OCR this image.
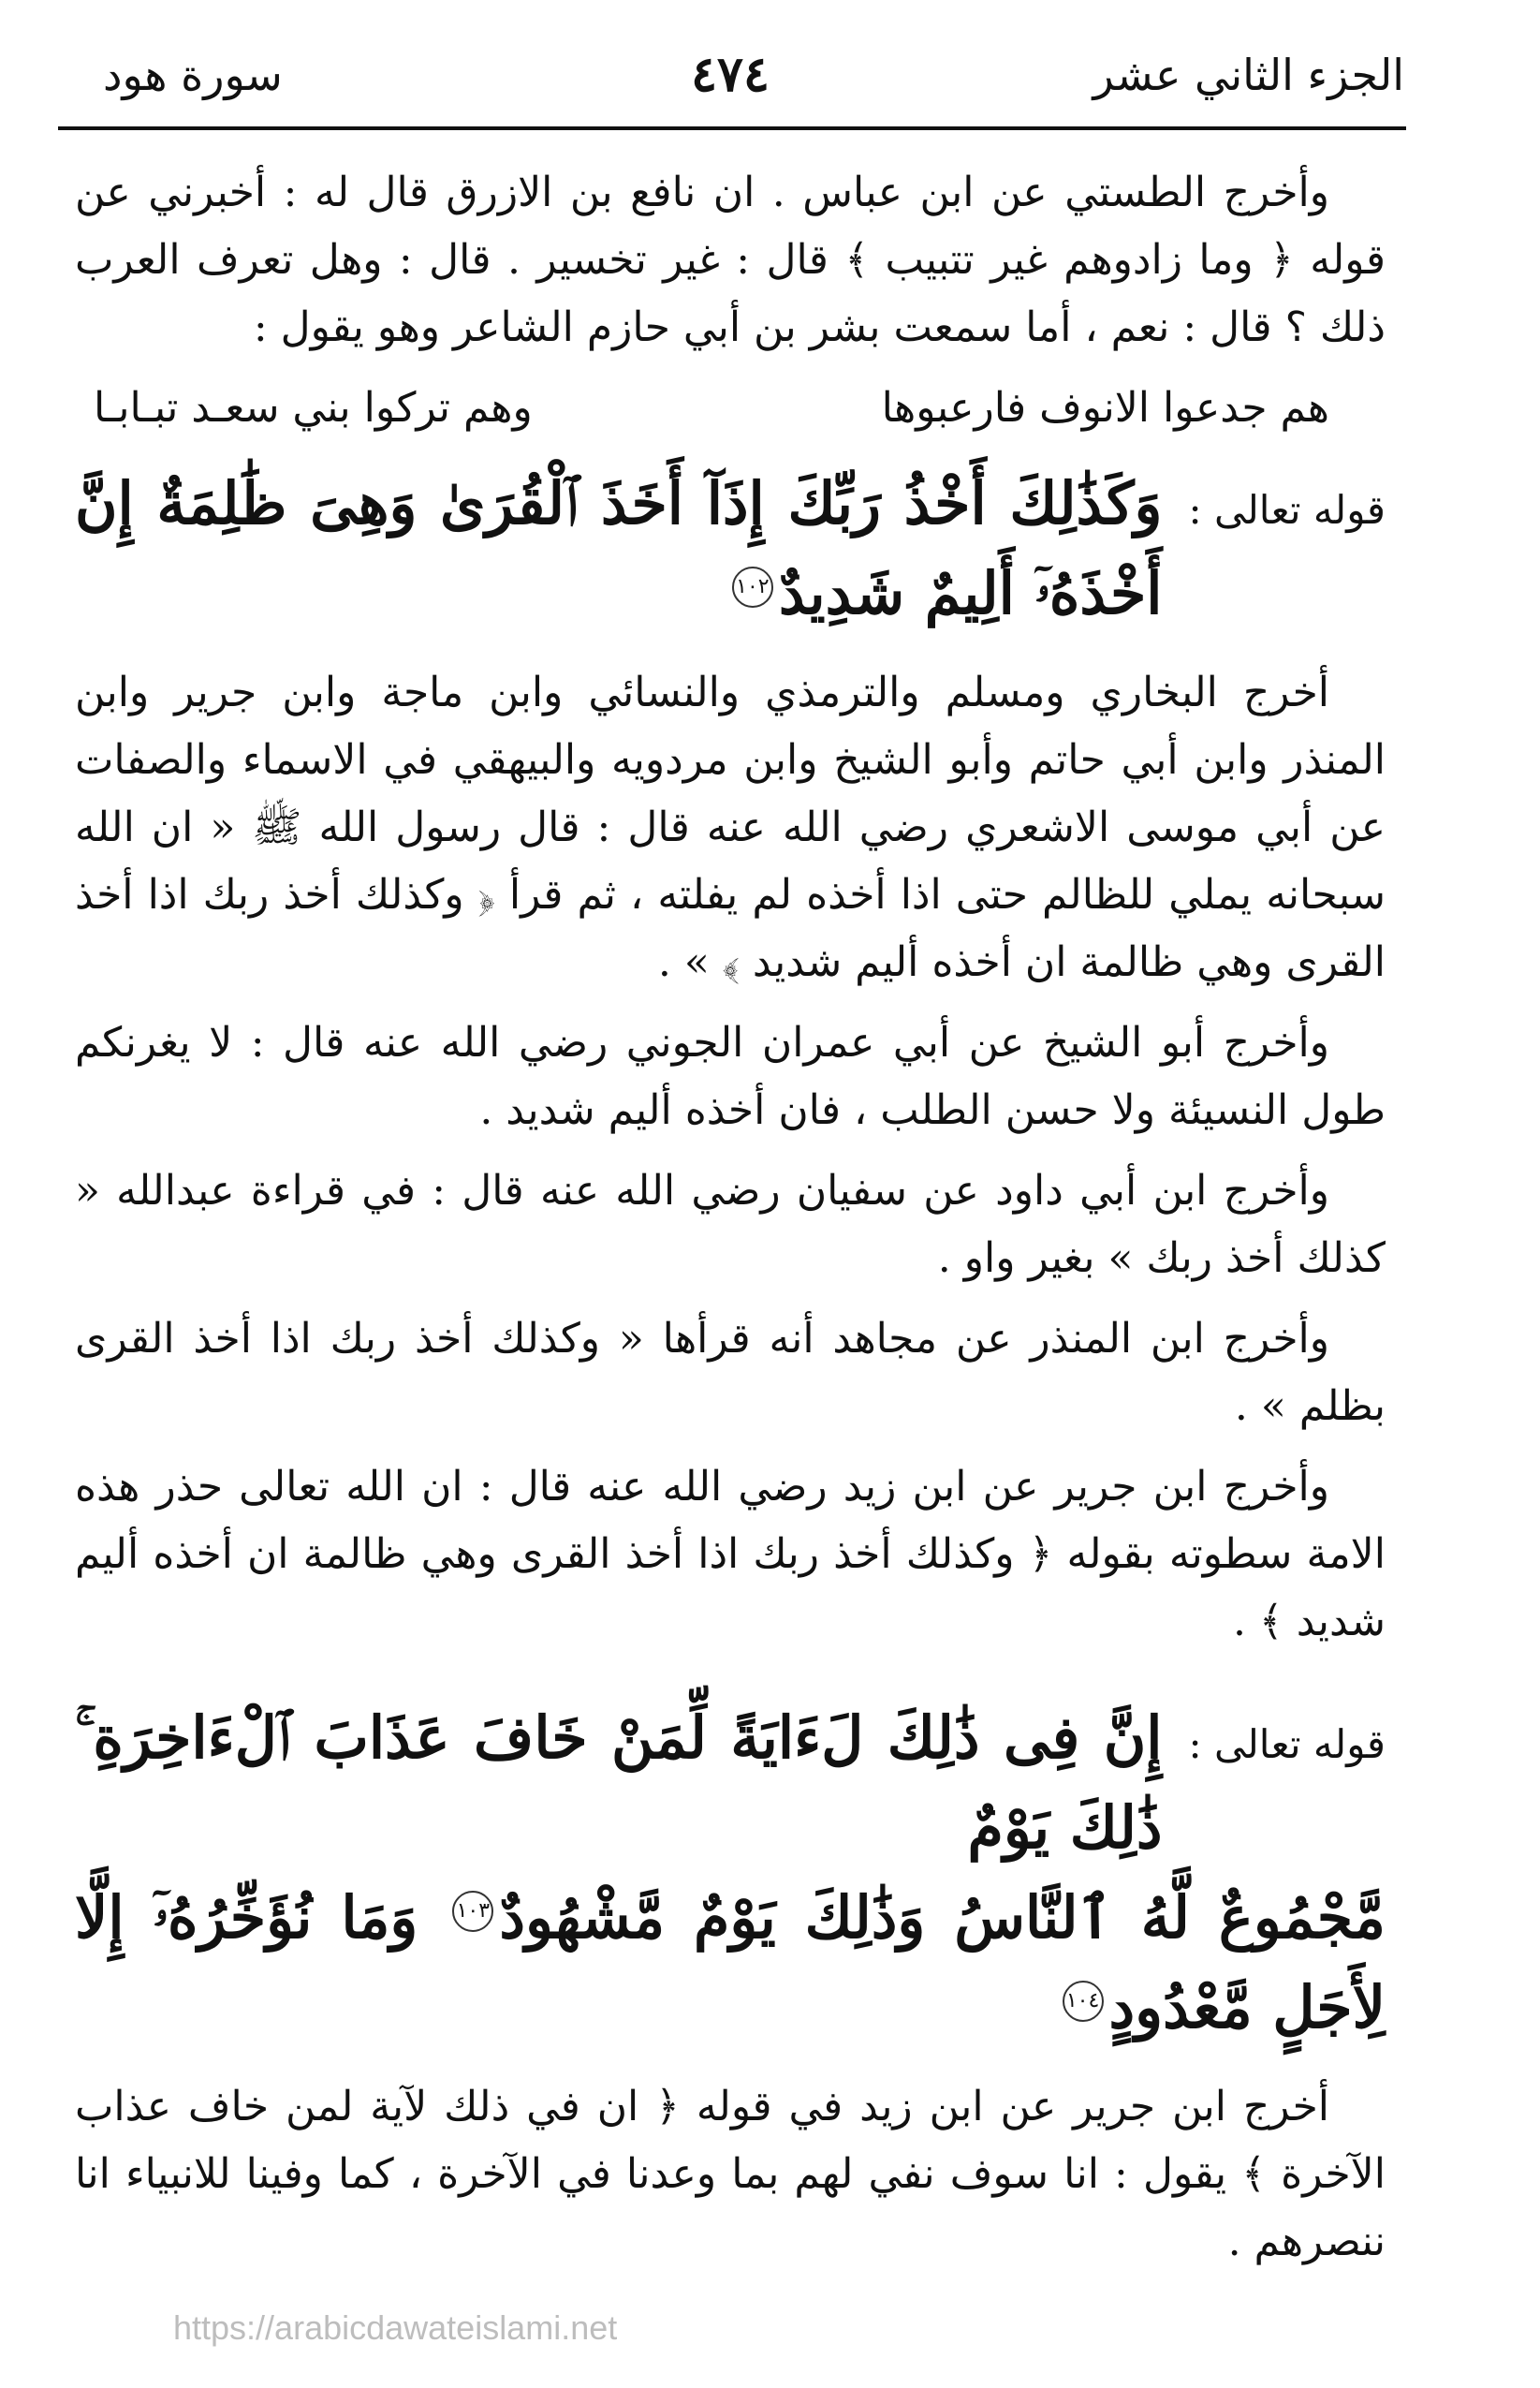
الجزء الثاني عشر
٤٧٤
سورة هود

وأخرج الطستي عن ابن عباس . ان نافع بن الازرق قال له : أخبرني عن قوله ﴿ وما زادوهم غير تتبيب ﴾ قال : غير تخسير . قال : وهل تعرف العرب ذلك ؟ قال : نعم ، أما سمعت بشر بن أبي حازم الشاعر وهو يقول :

هم جدعوا الانوف فارعبوها
وهم تركوا بني سعـد تبـابـا
قوله تعالى :
وَكَذَٰلِكَ أَخْذُ رَبِّكَ إِذَآ أَخَذَ ٱلْقُرَىٰ وَهِىَ ظَٰلِمَةٌ إِنَّ أَخْذَهُۥٓ أَلِيمٌ شَدِيدٌ١٠٢

أخرج البخاري ومسلم والترمذي والنسائي وابن ماجة وابن جرير وابن المنذر وابن أبي حاتم وأبو الشيخ وابن مردويه والبيهقي في الاسماء والصفات عن أبي موسى الاشعري رضي الله عنه قال : قال رسول الله ﷺ « ان الله سبحانه يملي للظالم حتى اذا أخذه لم يفلته ، ثم قرأ ﴿ وكذلك أخذ ربك اذا أخذ القرى وهي ظالمة ان أخذه أليم شديد ﴾ » .

وأخرج أبو الشيخ عن أبي عمران الجوني رضي الله عنه قال : لا يغرنكم طول النسيئة ولا حسن الطلب ، فان أخذه أليم شديد .

وأخرج ابن أبي داود عن سفيان رضي الله عنه قال : في قراءة عبدالله « كذلك أخذ ربك » بغير واو .

وأخرج ابن المنذر عن مجاهد أنه قرأها « وكذلك أخذ ربك اذا أخذ القرى بظلم » .

وأخرج ابن جرير عن ابن زيد رضي الله عنه قال : ان الله تعالى حذر هذه الامة سطوته بقوله ﴿ وكذلك أخذ ربك اذا أخذ القرى وهي ظالمة ان أخذه أليم شديد ﴾ .

قوله تعالى :
إِنَّ فِى ذَٰلِكَ لَءَايَةً لِّمَنْ خَافَ عَذَابَ ٱلْءَاخِرَةِ ۚ ذَٰلِكَ يَوْمٌ
مَّجْمُوعٌ لَّهُ ٱلنَّاسُ وَذَٰلِكَ يَوْمٌ مَّشْهُودٌ١٠٣ وَمَا نُؤَخِّرُهُۥٓ إِلَّا لِأَجَلٍ مَّعْدُودٍ١٠٤

أخرج ابن جرير عن ابن زيد في قوله ﴿ ان في ذلك لآية لمن خاف عذاب الآخرة ﴾ يقول : انا سوف نفي لهم بما وعدنا في الآخرة ، كما وفينا للانبياء انا ننصرهم .

https://arabicdawateislami.net
